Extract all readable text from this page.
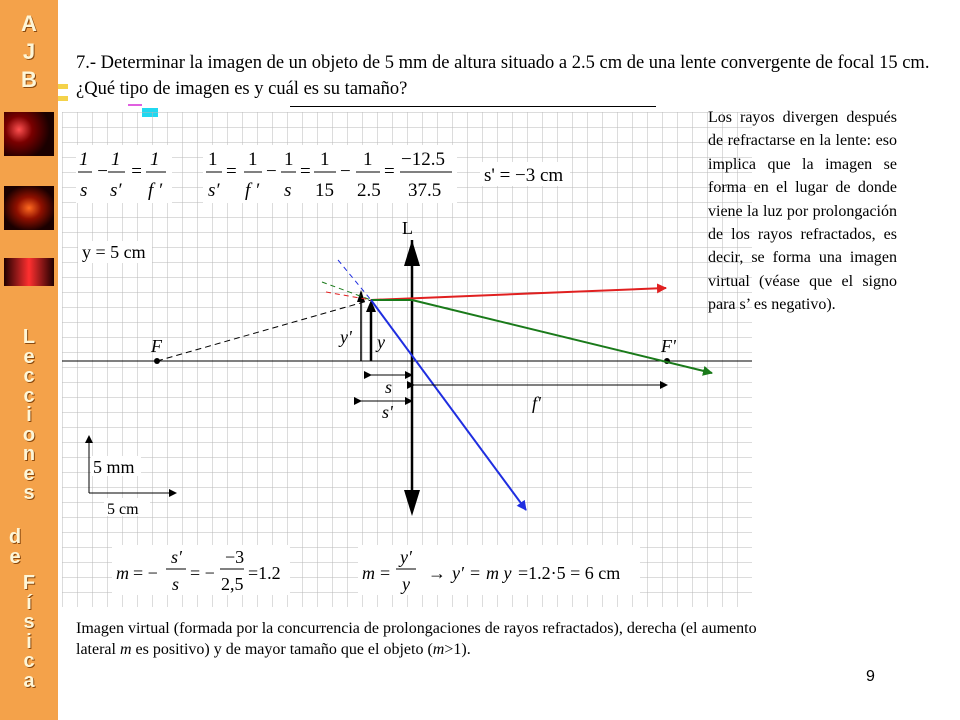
A
J
B
L
e
c
c
i
o
n
e
s
d
e
F
í
s
i
c
a
7.- Determinar la imagen de un objeto de 5 mm de altura situado a 2.5 cm de una lente convergente de focal 15 cm. ¿Qué tipo de imagen es y cuál es su tamaño?
1
s
−
1
s′
=
1
f ′
1
s′
=
1
f ′
−
1
s
=
1
15
−
1
2.5
=
−12.5
37.5
s' = −3 cm
y = 5 cm
L
F	F'
y
y'
s
s'	f'
5 mm
5 cm
m = −
s′
s
= −
−3
2,5
=1.2	m =
y′
y
→ y′ = m y =1.2·5 = 6 cm
Los rayos divergen después de refractarse en la lente: eso implica que la imagen se forma en el lugar de donde viene la luz por prolongación de los rayos refractados, es decir, se forma una imagen virtual (véase que el signo para s’ es negativo).
Imagen virtual (formada por la concurrencia de prolongaciones de rayos refractados), derecha (el aumento lateral m es positivo) y de mayor tamaño que el objeto (m>1).
9
